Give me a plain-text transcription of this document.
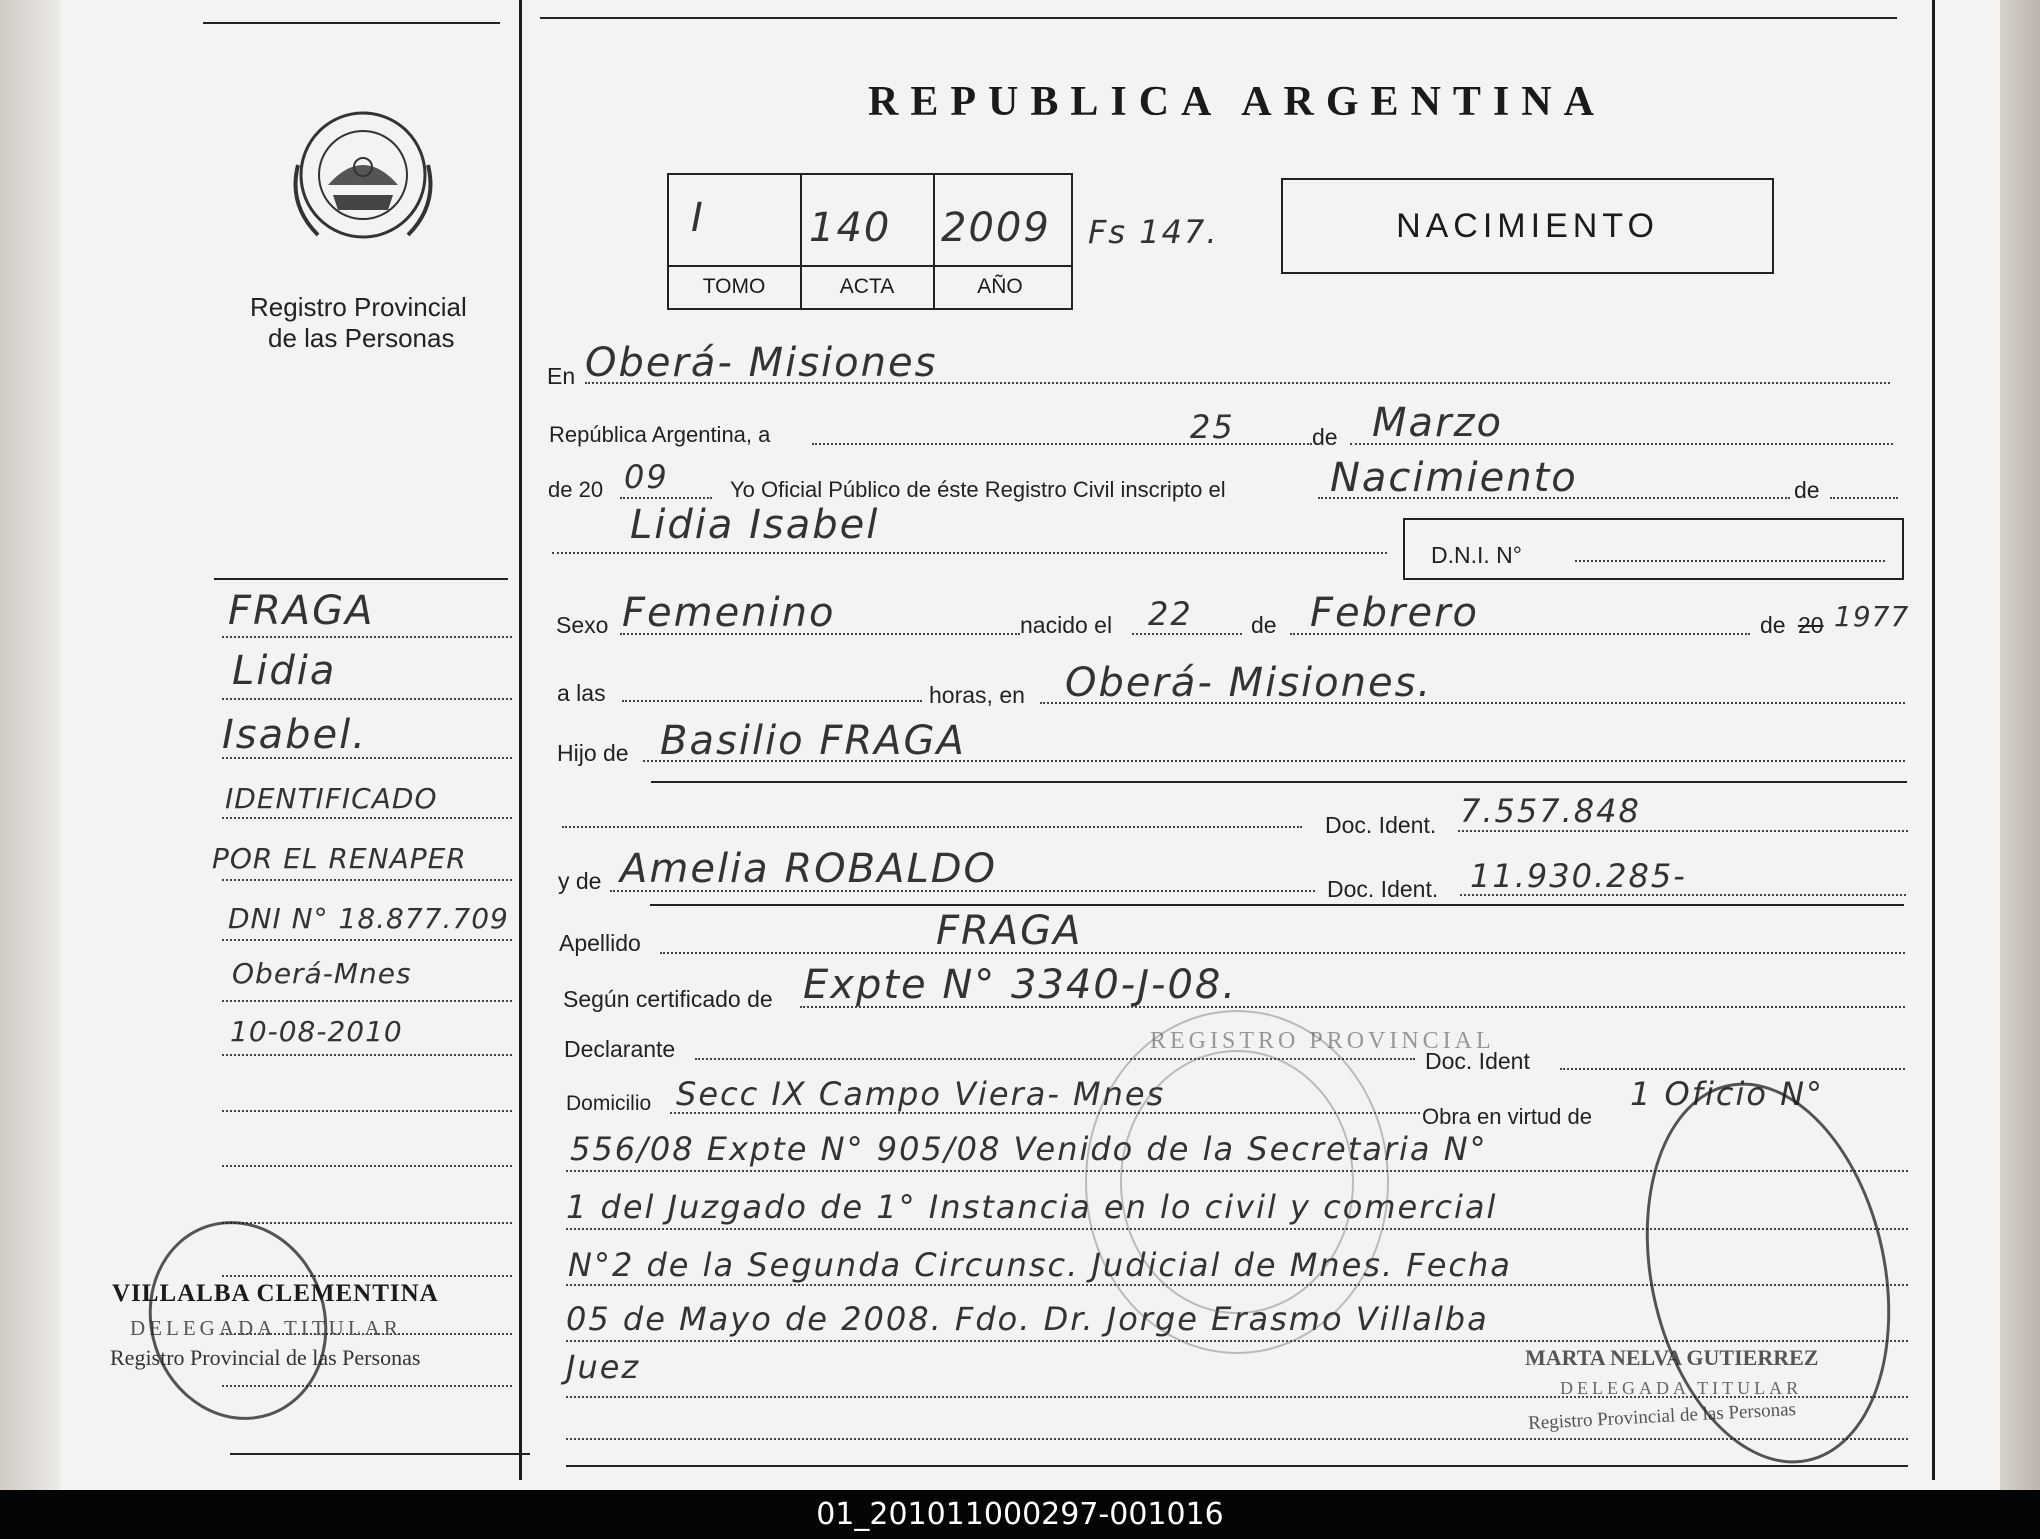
Registro Provincial
de las Personas
FRAGA
Lidia
Isabel.
IDENTIFICADO
POR EL RENAPER
DNI N° 18.877.709
Oberá-Mnes
10-08-2010
VILLALBA CLEMENTINA
DELEGADA TITULAR
Registro Provincial de las Personas
REPUBLICA ARGENTINA
I	140 2009
TOMO	ACTA	AÑO
Fs 147.	NACIMIENTO
En Oberá- Misiones
República Argentina, a	25	de Marzo
de 20 09	Yo Oficial Público de éste Registro Civil inscripto el	Nacimiento	de
Lidia Isabel
D.N.I. N°
Sexo Femenino	nacido el 22	de Febrero	de 20 1977
a las	horas, en Oberá- Misiones.
Hijo de Basilio FRAGA
Doc. Ident. 7.557.848
y de Amelia ROBALDO	Doc. Ident. 11.930.285-
Apellido	FRAGA
Según certificado de Expte N° 3340-J-08.
Declarante	Doc. Ident
Domicilio Secc IX Campo Viera- Mnes
Obra en virtud de
1 Oficio N°
556/08 Expte N° 905/08 Venido de la Secretaria N°
1 del Juzgado de 1° Instancia en lo civil y comercial
N°2 de la Segunda Circunsc. Judicial de Mnes. Fecha
05 de Mayo de 2008. Fdo. Dr. Jorge Erasmo Villalba
Juez
REGISTRO PROVINCIAL
MARTA NELVA GUTIERREZ
DELEGADA TITULAR
Registro Provincial de las Personas
01_201011000297-001016
